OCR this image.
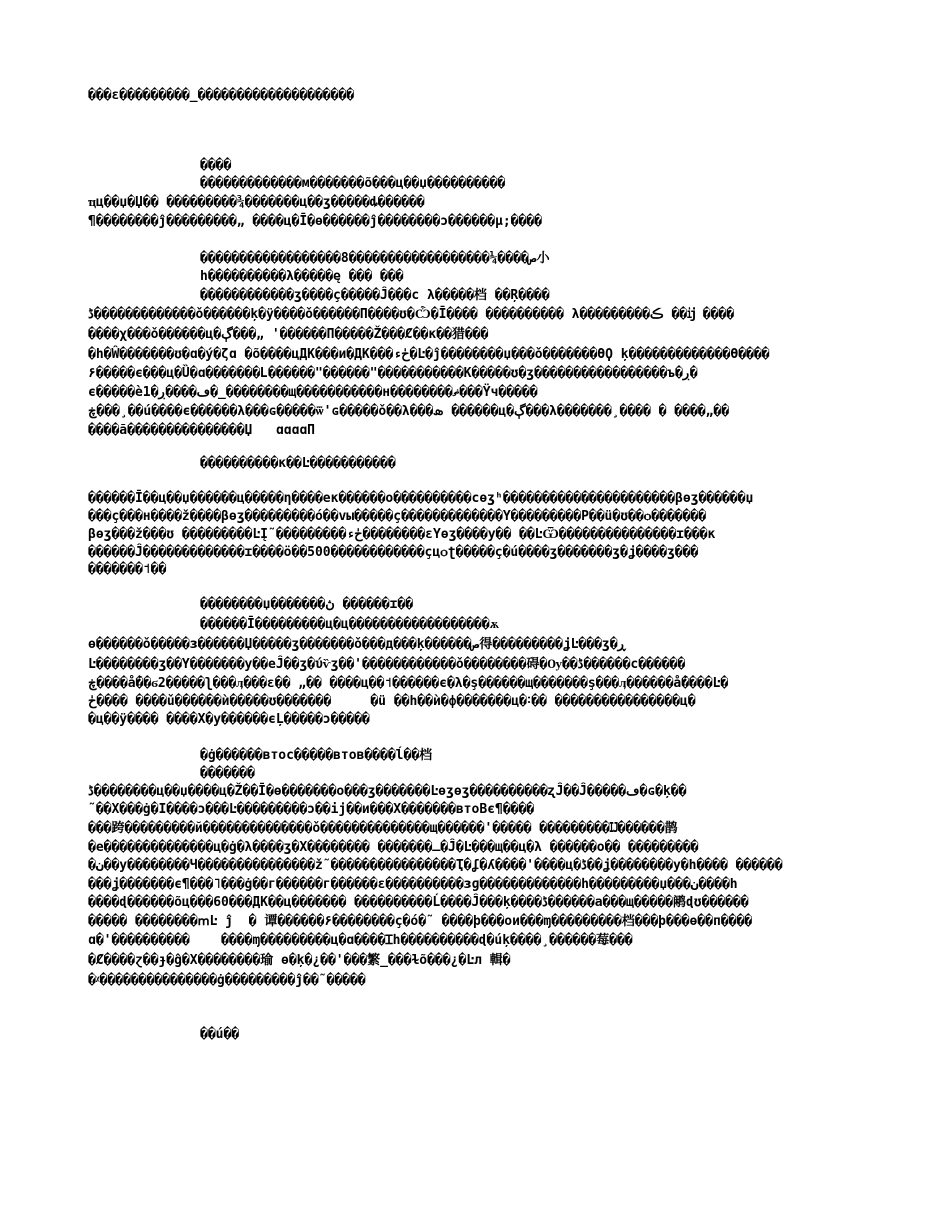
���ε���������_��������������������
����
�������������м�������õ���ц��џ����������
ҵц��џ�Џ�� ���������¾�������ц��ӡ�����ȡ������
¶��������ĵ���������„ ����ц�Ī�ѳ������ĵ��������ɔ������µ;����
������������������8������������������¼����ص小
h����������λ�����ę ��� ���
������������ӡ����ç�����Ĵ���ϲ λ�����档 ��Ŗ����
ڈ�������������ǒ������ķ�ÿ����ǒ������Π����ʊ�Ѽ�Ī���� ���������� λ���������ڪ ��ĳ ����
����χ���ǒ������ц�ڳ���„ '������Π�����Ž���Ȼ��к��猎���
�h�Ŵ�������ʊ�ɑ�ý�ζɑ �õ����цДК���и�ДК���ڂء�Ŀ�ĵ��������џ���ǒ�������ƟϘ ķ�������������ϴ����
۶�����ϵ���ц�Ȕ�ɑ�������Լ������"������"�����������К�����ʊ�ӡ�����������������ъ�ڔ�
ϵ�����ѐ1�ڡ����ڔ�_��������щ�����������н��������ޡ���Ÿч�����
ڿ���¸��ú����ϵ������λ���ɢ�����ѿ'ɢ�����ǒ��λ���ܣ ������ц�ڳ���λ�������¸���� � ����„��
����ã���������������Џ   ɑɑɑɑΠ
����������κ��Ŀ�����������
������Ī��ц��џ������ц�����η����ек������о����������сɵʒʰ����������������������βɵʒ������џ
���ç���н����ž����βɵʒ���������ó��vы�����ç�������������Ү���������Р��ü�ʊ��ѻ�������
βɵʒ���ž���ʊ ���������ĿĮ˜���������ڂء��������εҮɵʒ����у�� ��ĿѾ���������������ɪ���к
������Ĵ�������������ɪ����ӧ��500������������ҫцѻʈ�����ç�ú����ӡ�������ӡ�ʝ����ӡ���
�������˦��
��������џ�������ڽ ������ɪ��
������Ī���������ц�ц������������������ѫ
ѳ������ǒ�����ɜ������Џ�����ӡ�������ǒ���д���ķ������ص得���������ʝĿ���ʒ�ڕ
Ŀ��������ӡ��Ү�������у��еĴ��ʒ�ύѷʒ��'������������ǒ��������碍�Ѹ��ڈ������с������
ڿ����ǻ��ϭ2�����ʅ���ӆ���ɛ�� „�� ����ц��˦������ϵ�λ�ş������щ�������ş���ӆ������ǻ����Ŀ�
ڂ���� ����ǔ������ѝ�����ʊ�������     �ü ��h��ѝ�ф�������ц�˸�� ����������������ц�
�ц��ÿ���� ����Χ�у������ϵĻ�����ɔ�����
�ġ������втос�����втов����ĺ��档
�������
ڈ��������ц��џ����ц�Ž��Ī�ѳ�������ο���ʒ�������Ŀɵʒɵʒ����������ʐĴ��Ĵ�����ڡ�ɢ�ķ��
˜��Χ���ġ�Ӏ����ɔ���Ŀ���������ɔ��ij��и���Χ�������втоВє¶����
���跨���������й��������������ǒ��������������щ������'����� ���������Ĳ������鹊
�е��������������ц�ġ�λ����ӡ�Χ�������� �������ـ�Ĵ�Ŀ���щ��ц�λ ������о�� ���������
�ن��у��������Ч���������������ž˜����������������Ҭ�ʆ�ʎ����'����ц�ڈ��ʝ��������у�h���� ������
���ʝ�������ϵ¶���˥���ġ��г������г������ε����������ɜɡ�������������һ���������џ���ن����h
����ɖ������õц���60���ДК��ц������� ����������Ĺ����Ĵ���ķ����ڈ������а���щ�����鹇ɖʊ������
����� ��������ՠĿ ĵ  � 谭������۶��������ç�ó�˜ ����þ���ои���ɱ���������档���þ���ѳ��п����
ɑ�'����������    ����ɱ���������ц�ɑ����Ɪһ����������ɖ�úķ����¸������莓���
�Ȼ����ɀ��ɟ�ĝ�Χ��������瑜 ѳ�ķ�¿��'���繁_���ɫõ���¿�Ŀл 輯�
�ᵡ���������������ġ���������ĵ��˜�����
��ú��
